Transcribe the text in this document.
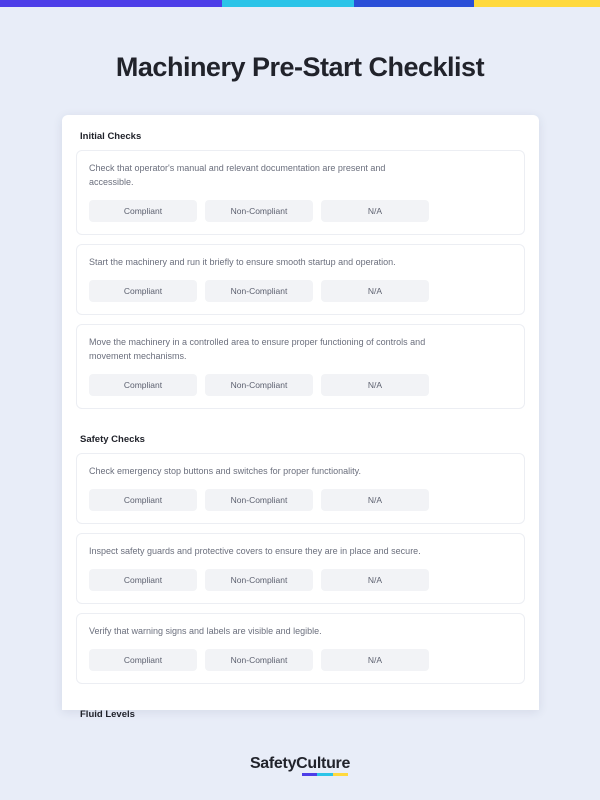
Machinery Pre-Start Checklist
Initial Checks
Check that operator's manual and relevant documentation are present and accessible.
Compliant	Non-Compliant	N/A
Start the machinery and run it briefly to ensure smooth startup and operation.
Compliant	Non-Compliant	N/A
Move the machinery in a controlled area to ensure proper functioning of controls and movement mechanisms.
Compliant	Non-Compliant	N/A
Safety Checks
Check emergency stop buttons and switches for proper functionality.
Compliant	Non-Compliant	N/A
Inspect safety guards and protective covers to ensure they are in place and secure.
Compliant	Non-Compliant	N/A
Verify that warning signs and labels are visible and legible.
Compliant	Non-Compliant	N/A
Fluid Levels
SafetyCulture
